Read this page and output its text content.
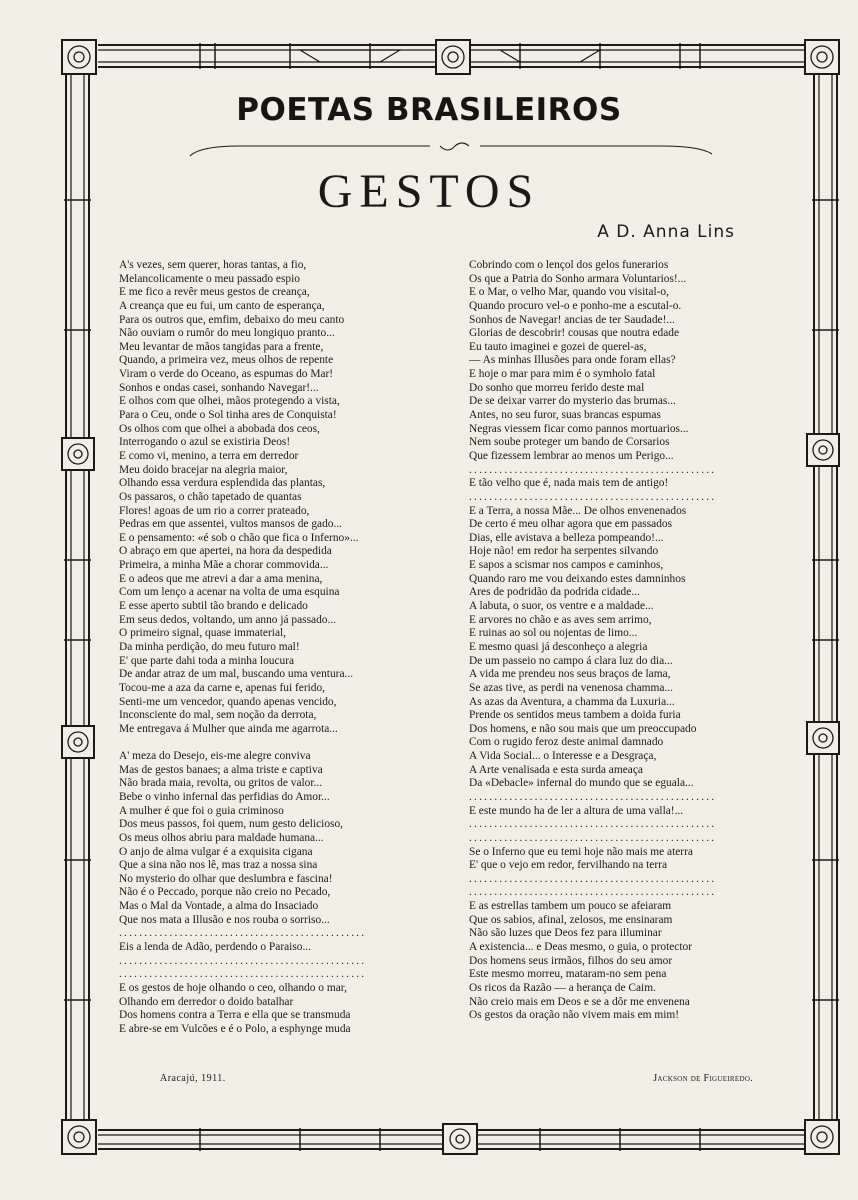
POETAS BRASILEIROS
GESTOS
A D. Anna Lins
A's vezes, sem querer, horas tantas, a fio,
Melancolicamente o meu passado espio
E me fico a revêr meus gestos de creança,
A creança que eu fui, um canto de esperança,
Para os outros que, emfim, debaixo do meu canto
Não ouviam o rumôr do meu longiquo pranto...
Meu levantar de mãos tangidas para a frente,
Quando, a primeira vez, meus olhos de repente
Viram o verde do Oceano, as espumas do Mar!
Sonhos e ondas casei, sonhando Navegar!...
E olhos com que olhei, mãos protegendo a vista,
Para o Ceu, onde o Sol tinha ares de Conquista!
Os olhos com que olhei a abobada dos ceos,
Interrogando o azul se existiria Deos!
E como vi, menino, a terra em derredor
Meu doido bracejar na alegria maior,
Olhando essa verdura esplendida das plantas,
Os passaros, o chão tapetado de quantas
Flores! agoas de um rio a correr prateado,
Pedras em que assentei, vultos mansos de gado...
E o pensamento: «é sob o chão que fica o Inferno»...
O abraço em que apertei, na hora da despedida
Primeira, a minha Mãe a chorar commovida...
E o adeos que me atrevi a dar a ama menina,
Com um lenço a acenar na volta de uma esquina
E esse aperto subtil tão brando e delicado
Em seus dedos, voltando, um anno já passado...
O primeiro signal, quase immaterial,
Da minha perdição, do meu futuro mal!
E' que parte dahi toda a minha loucura
De andar atraz de um mal, buscando uma ventura...
Tocou-me a aza da carne e, apenas fui ferido,
Senti-me um vencedor, quando apenas vencido,
Inconsciente do mal, sem noção da derrota,
Me entregava á Mulher que ainda me agarrota...
A' meza do Desejo, eis-me alegre conviva
Mas de gestos banaes; a alma triste e captiva
Não brada maia, revolta, ou gritos de valor...
Bebe o vinho infernal das perfidias do Amor...
A mulher é que foi o guia criminoso
Dos meus passos, foi quem, num gesto delicioso,
Os meus olhos abriu para maldade humana...
O anjo de alma vulgar é a exquisita cigana
Que a sina não nos lê, mas traz a nossa sina
No mysterio do olhar que deslumbra e fascina!
Não é o Peccado, porque não creio no Pecado,
Mas o Mal da Vontade, a alma do Insaciado
Que nos mata a Illusão e nos rouba o sorriso...
.................................................
Eis a lenda de Adão, perdendo o Paraiso...
.................................................
.................................................
E os gestos de hoje olhando o ceo, olhando o mar,
Olhando em derredor o doido batalhar
Dos homens contra a Terra e ella que se transmuda
E abre-se em Vulcões e é o Polo, a esphynge muda
Cobrindo com o lençol dos gelos funerarios
Os que a Patria do Sonho armara Voluntarios!...
E o Mar, o velho Mar, quando vou visital-o,
Quando procuro vel-o e ponho-me a escutal-o.
Sonhos de Navegar! ancias de ter Saudade!...
Glorias de descobrir! cousas que noutra edade
Eu tauto imaginei e gozei de querel-as,
— As minhas Illusões para onde foram ellas?
E hoje o mar para mim é o symholo fatal
Do sonho que morreu ferido deste mal
De se deixar varrer do mysterio das brumas...
Antes, no seu furor, suas brancas espumas
Negras viessem ficar como pannos mortuarios...
Nem soube proteger um bando de Corsarios
Que fizessem lembrar ao menos um Perigo...
.................................................
E tão velho que é, nada mais tem de antigo!
.................................................
E a Terra, a nossa Mãe... De olhos envenenados
De certo é meu olhar agora que em passados
Dias, elle avistava a belleza pompeando!...
Hoje não! em redor ha serpentes silvando
E sapos a scismar nos campos e caminhos,
Quando raro me vou deixando estes damninhos
Ares de podridão da podrida cidade...
A labuta, o suor, os ventre e a maldade...
E arvores no chão e as aves sem arrimo,
E ruinas ao sol ou nojentas de limo...
E mesmo quasi já desconheço a alegria
De um passeio no campo á clara luz do dia...
A vida me prendeu nos seus braços de lama,
Se azas tive, as perdi na venenosa chamma...
As azas da Aventura, a chamma da Luxuria...
Prende os sentidos meus tambem a doida furia
Dos homens, e não sou mais que um preoccupado
Com o rugido feroz deste animal damnado
A Vida Social... o Interesse e a Desgraça,
A Arte venalisada e esta surda ameaça
Da «Debacle» infernal do mundo que se eguala...
.................................................
E este mundo ha de ler a altura de uma valla!...
.................................................
.................................................
Se o Inferno que eu temi hoje não mais me aterra
E' que o vejo em redor, fervilhando na terra
.................................................
.................................................
E as estrellas tambem um pouco se afeiaram
Que os sabios, afinal, zelosos, me ensinaram
Não são luzes que Deos fez para illuminar
A existencia... e Deas mesmo, o guia, o protector
Dos homens seus irmãos, filhos do seu amor
Este mesmo morreu, mataram-no sem pena
Os ricos da Razão — a herança de Caim.
Não creio mais em Deos e se a dôr me envenena
Os gestos da oração não vivem mais em mim!
Aracajú, 1911.	Jackson de Figueiredo.
